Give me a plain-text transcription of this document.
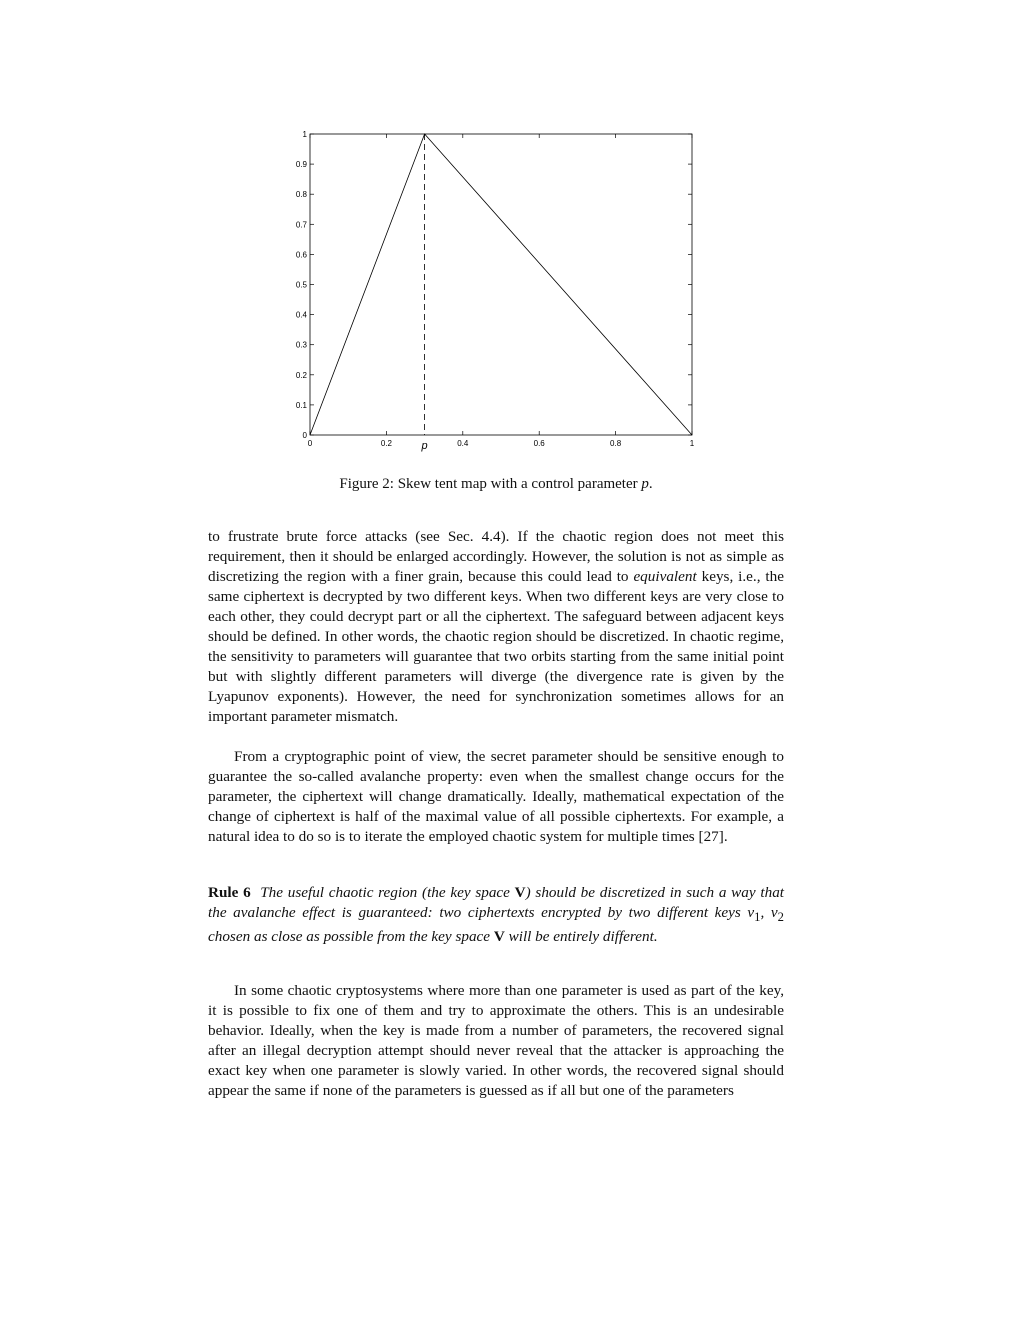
0	0.2	0.4	0.6	0.8	1
0
0.1
0.2
0.3
0.4
0.5
0.6
0.7
0.8
0.9
1
p
Figure 2: Skew tent map with a control parameter p.

to frustrate brute force attacks (see Sec. 4.4). If the chaotic region does not meet this requirement, then it should be enlarged accordingly. However, the solution is not as simple as discretizing the region with a finer grain, because this could lead to equivalent keys, i.e., the same ciphertext is decrypted by two different keys. When two different keys are very close to each other, they could decrypt part or all the ciphertext. The safeguard between adjacent keys should be defined. In other words, the chaotic region should be discretized. In chaotic regime, the sensitivity to parameters will guarantee that two orbits starting from the same initial point but with slightly different parameters will diverge (the divergence rate is given by the Lyapunov exponents). However, the need for synchronization sometimes allows for an important parameter mismatch.

From a cryptographic point of view, the secret parameter should be sensitive enough to guarantee the so-called avalanche property: even when the smallest change occurs for the parameter, the ciphertext will change dramatically. Ideally, mathematical expectation of the change of ciphertext is half of the maximal value of all possible ciphertexts. For example, a natural idea to do so is to iterate the employed chaotic system for multiple times [27].

Rule 6 The useful chaotic region (the key space V) should be discretized in such a way that the avalanche effect is guaranteed: two ciphertexts encrypted by two different keys $v_1$, $v_2$ chosen as close as possible from the key space V will be entirely different.

In some chaotic cryptosystems where more than one parameter is used as part of the key, it is possible to fix one of them and try to approximate the others. This is an undesirable behavior. Ideally, when the key is made from a number of parameters, the recovered signal after an illegal decryption attempt should never reveal that the attacker is approaching the exact key when one parameter is slowly varied. In other words, the recovered signal should appear the same if none of the parameters is guessed as if all but one of the parameters
